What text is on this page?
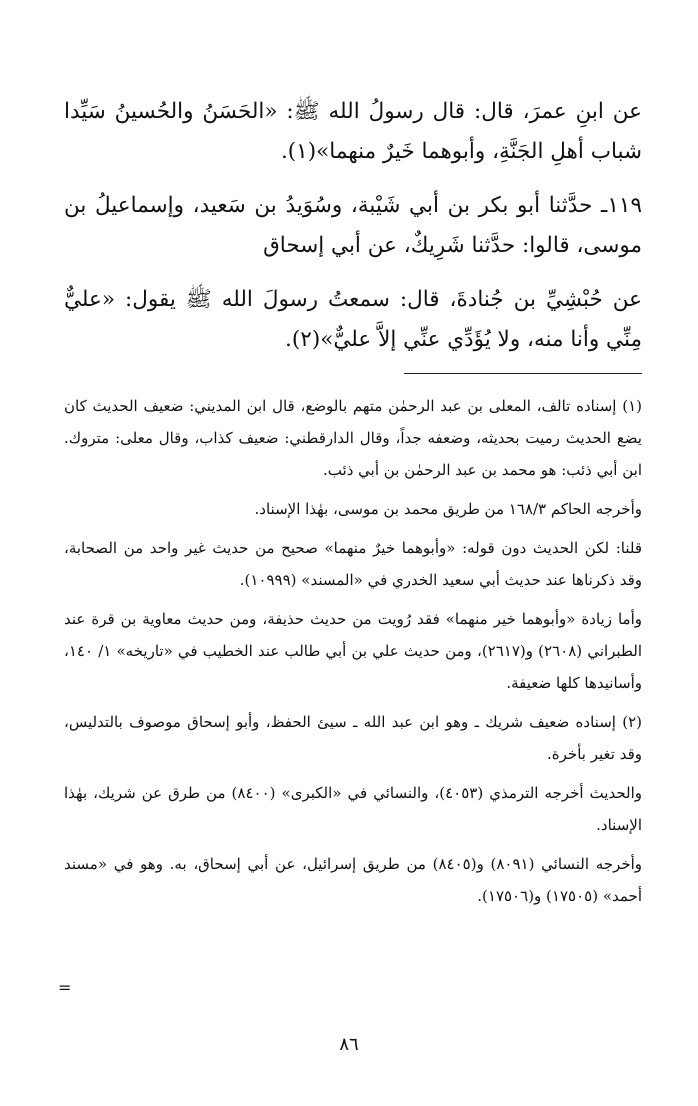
عن ابنِ عمرَ، قال: قال رسولُ الله ﷺ: «الحَسَنُ والحُسينُ سَيِّدا شباب أهلِ الجَنَّةِ، وأبوهما خَيرٌ منهما»(١).

١١٩ـ حدَّثنا أبو بكر بن أبي شَيْبة، وسُوَيدُ بن سَعيد، وإسماعيلُ بن موسى، قالوا: حدَّثنا شَرِيكٌ، عن أبي إسحاق

عن حُبْشِيِّ بن جُنادةَ، قال: سمعتُ رسولَ الله ﷺ يقول: «عليٌّ مِنِّي وأنا منه، ولا يُؤَدِّي عنِّي إلاَّ عليٌّ»(٢).

(١) إسناده تالف، المعلى بن عبد الرحمٰن متهم بالوضع، قال ابن المديني: ضعيف الحديث كان يضع الحديث رميت بحديثه، وضعفه جداً، وقال الدارقطني: ضعيف كذاب، وقال معلى: متروك. ابن أبي ذئب: هو محمد بن عبد الرحمٰن بن أبي ذئب.

وأخرجه الحاكم ١٦٨/٣ من طريق محمد بن موسى، بهٰذا الإسناد.

قلنا: لكن الحديث دون قوله: «وأبوهما خيرٌ منهما» صحيح من حديث غير واحد من الصحابة، وقد ذكرناها عند حديث أبي سعيد الخدري في «المسند» (١٠٩٩٩).

وأما زيادة «وأبوهما خير منهما» فقد رُويت من حديث حذيفة، ومن حديث معاوية بن قرة عند الطبراني (٢٦٠٨) و(٢٦١٧)، ومن حديث علي بن أبي طالب عند الخطيب في «تاريخه» ١/ ١٤٠، وأسانيدها كلها ضعيفة.

(٢) إسناده ضعيف شريك ـ وهو ابن عبد الله ـ سيئ الحفظ، وأبو إسحاق موصوف بالتدليس، وقد تغير بأخرة.

والحديث أخرجه الترمذي (٤٠٥٣)، والنسائي في «الكبرى» (٨٤٠٠) من طرق عن شريك، بهٰذا الإسناد.

وأخرجه النسائي (٨٠٩١) و(٨٤٠٥) من طريق إسرائيل، عن أبي إسحاق، به. وهو في «مسند أحمد» (١٧٥٠٥) و(١٧٥٠٦).

=
٨٦
